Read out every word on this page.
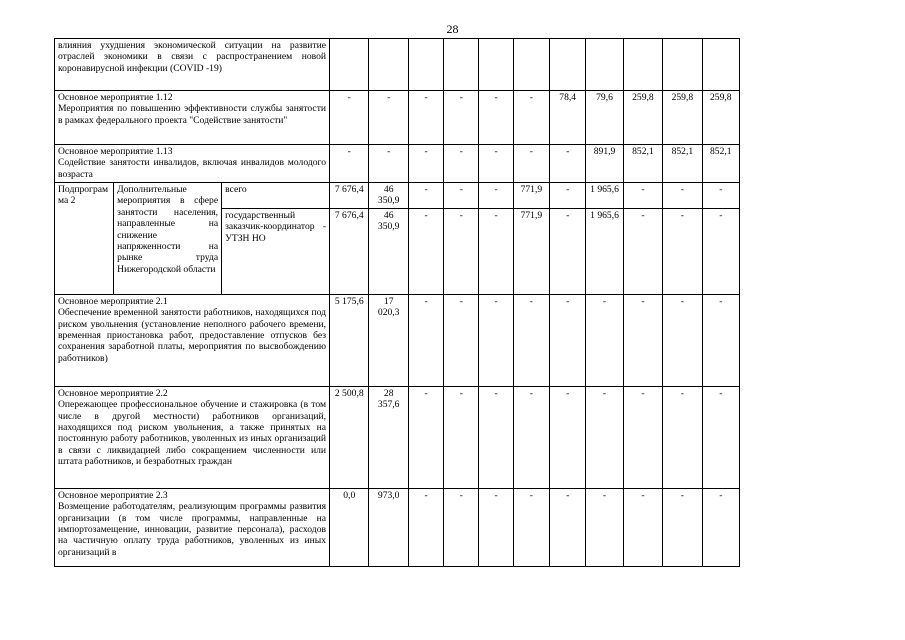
28
влияния ухудшения экономической ситуации на развитие отраслей экономики в связи с распространением новой коронавирусной инфекции (COVID -19)													

Основное мероприятие 1.12
Мероприятия по повышению эффективности службы занятости в рамках федерального проекта "Содействие занятости"			-	-	-	-	-	-	78,4	79,6	259,8	259,8	259,8

Основное мероприятие 1.13
Содействие занятости инвалидов, включая инвалидов молодого возраста			-	-	-	-	-	-	-	891,9	852,1	852,1	852,1
Подпрограмма 2	Дополнительные мероприятия в сфере занятости населения, направленные на снижение напряженности на рынке труда Нижегородской области	всего	7 676,4	46 350,9	-	-	-	771,9	-	1 965,6	-	-	-
		государственный заказчик-координатор - УТЗН НО	7 676,4	46 350,9	-	-	-	771,9	-	1 965,6	-	-	-

Основное мероприятие 2.1
Обеспечение временной занятости работников, находящихся под риском увольнения (установление неполного рабочего времени, временная приостановка работ, предоставление отпусков без сохранения заработной платы, мероприятия по высвобождению работников)			5 175,6	17 020,3	-	-	-	-	-	-	-	-	-

Основное мероприятие 2.2
Опережающее профессиональное обучение и стажировка (в том числе в другой местности) работников организаций, находящихся под риском увольнения, а также принятых на постоянную работу работников, уволенных из иных организаций в связи с ликвидацией либо сокращением численности или штата работников, и безработных граждан			2 500,8	28 357,6	-	-	-	-	-	-	-	-	-

Основное мероприятие 2.3
Возмещение работодателям, реализующим программы развития организации (в том числе программы, направленные на импортозамещение, инновации, развитие персонала), расходов на частичную оплату труда работников, уволенных из иных организаций в			0,0	973,0	-	-	-	-	-	-	-	-	-
